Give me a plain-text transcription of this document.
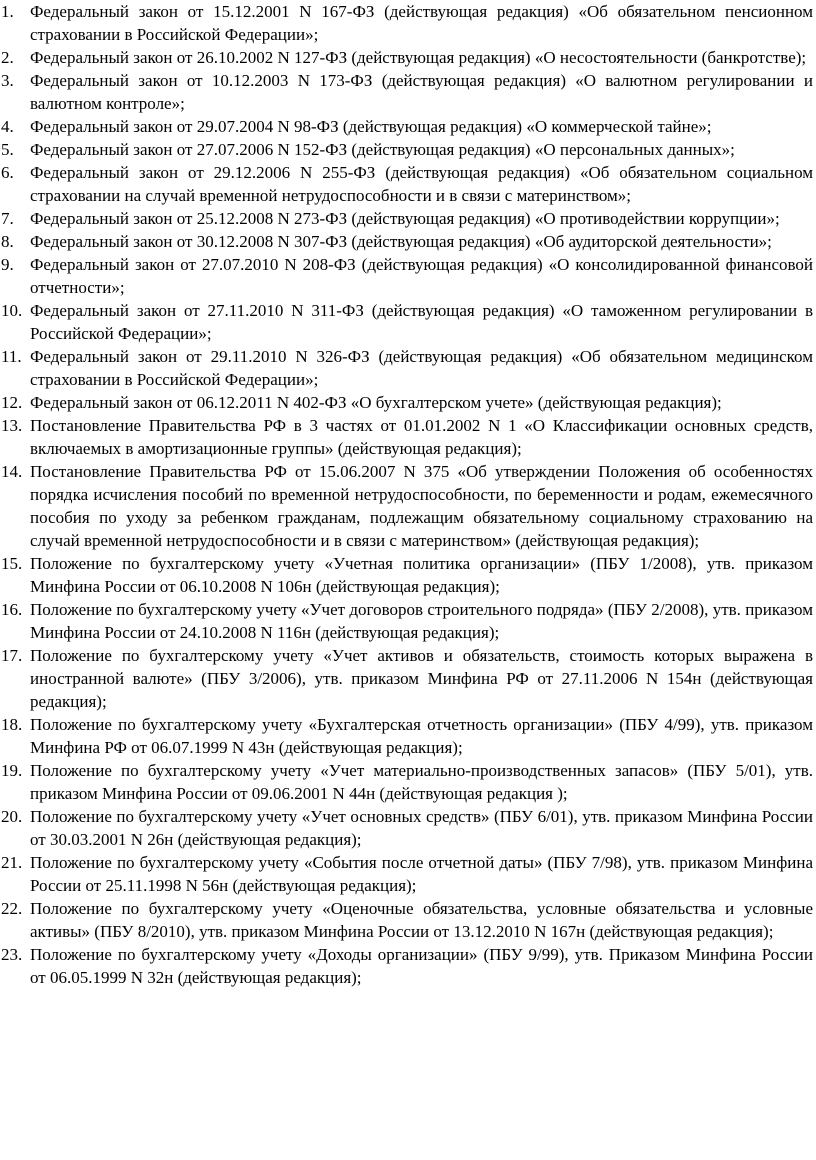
1. Федеральный закон от 15.12.2001 N 167-ФЗ (действующая редакция) «Об обязательном пенсионном страховании в Российской Федерации»;
2. Федеральный закон от 26.10.2002 N 127-ФЗ (действующая редакция) «О несостоятельности (банкротстве);
3. Федеральный закон от 10.12.2003 N 173-ФЗ (действующая редакция) «О валютном регулировании и валютном контроле»;
4. Федеральный закон от 29.07.2004 N 98-ФЗ (действующая редакция) «О коммерческой тайне»;
5. Федеральный закон от 27.07.2006 N 152-ФЗ (действующая редакция) «О персональных данных»;
6. Федеральный закон от 29.12.2006 N 255-ФЗ (действующая редакция) «Об обязательном социальном страховании на случай временной нетрудоспособности и в связи с материнством»;
7. Федеральный закон от 25.12.2008 N 273-ФЗ (действующая редакция) «О противодействии коррупции»;
8. Федеральный закон от 30.12.2008 N 307-ФЗ (действующая редакция) «Об аудиторской деятельности»;
9. Федеральный закон от 27.07.2010 N 208-ФЗ (действующая редакция) «О консолидированной финансовой отчетности»;
10. Федеральный закон от 27.11.2010 N 311-ФЗ (действующая редакция) «О таможенном регулировании в Российской Федерации»;
11. Федеральный закон от 29.11.2010 N 326-ФЗ (действующая редакция) «Об обязательном медицинском страховании в Российской Федерации»;
12. Федеральный закон от 06.12.2011 N 402-ФЗ «О бухгалтерском учете» (действующая редакция);
13. Постановление Правительства РФ в 3 частях от 01.01.2002 N 1 «О Классификации основных средств, включаемых в амортизационные группы» (действующая редакция);
14. Постановление Правительства РФ от 15.06.2007 N 375 «Об утверждении Положения об особенностях порядка исчисления пособий по временной нетрудоспособности, по беременности и родам, ежемесячного пособия по уходу за ребенком гражданам, подлежащим обязательному социальному страхованию на случай временной нетрудоспособности и в связи с материнством» (действующая редакция);
15. Положение по бухгалтерскому учету «Учетная политика организации» (ПБУ 1/2008), утв. приказом Минфина России от 06.10.2008 N 106н (действующая редакция);
16. Положение по бухгалтерскому учету «Учет договоров строительного подряда» (ПБУ 2/2008), утв. приказом Минфина России от 24.10.2008 N 116н (действующая редакция);
17. Положение по бухгалтерскому учету «Учет активов и обязательств, стоимость которых выражена в иностранной валюте» (ПБУ 3/2006), утв. приказом Минфина РФ от 27.11.2006 N 154н (действующая редакция);
18. Положение по бухгалтерскому учету «Бухгалтерская отчетность организации» (ПБУ 4/99), утв. приказом Минфина РФ от 06.07.1999 N 43н (действующая редакция);
19. Положение по бухгалтерскому учету «Учет материально-производственных запасов» (ПБУ 5/01), утв. приказом Минфина России от 09.06.2001 N 44н (действующая редакция );
20. Положение по бухгалтерскому учету «Учет основных средств» (ПБУ 6/01), утв. приказом Минфина России от 30.03.2001 N 26н (действующая редакция);
21. Положение по бухгалтерскому учету «События после отчетной даты» (ПБУ 7/98), утв. приказом Минфина России от 25.11.1998 N 56н (действующая редакция);
22. Положение по бухгалтерскому учету «Оценочные обязательства, условные обязательства и условные активы» (ПБУ 8/2010), утв. приказом Минфина России от 13.12.2010 N 167н (действующая редакция);
23. Положение по бухгалтерскому учету «Доходы организации» (ПБУ 9/99), утв. Приказом Минфина России от 06.05.1999 N 32н (действующая редакция);
